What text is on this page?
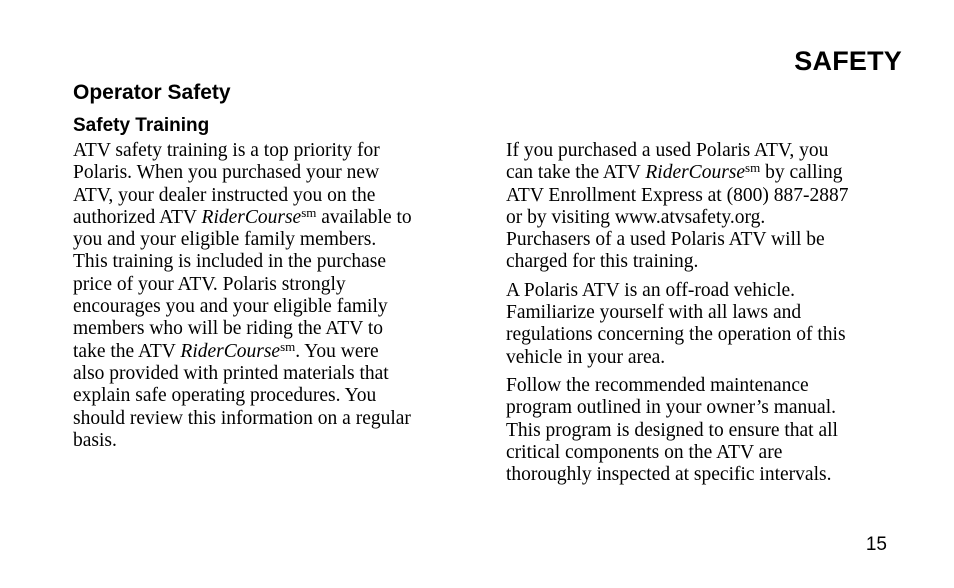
SAFETY
Operator Safety
Safety Training

ATV safety training is a top priority for
Polaris. When you purchased your new
ATV, your dealer instructed you on the
authorized ATV RiderCourse$^{sm}$ available to
you and your eligible family members.
This training is included in the purchase
price of your ATV. Polaris strongly
encourages you and your eligible family
members who will be riding the ATV to
take the ATV RiderCourse$^{sm}$. You were
also provided with printed materials that
explain safe operating procedures. You
should review this information on a regular
basis.

If you purchased a used Polaris ATV, you
can take the ATV RiderCourse$^{sm}$ by calling
ATV Enrollment Express at (800) 887-2887
or by visiting www.atvsafety.org.
Purchasers of a used Polaris ATV will be
charged for this training.

A Polaris ATV is an off-road vehicle.
Familiarize yourself with all laws and
regulations concerning the operation of this
vehicle in your area.

Follow the recommended maintenance
program outlined in your owner’s manual.
This program is designed to ensure that all
critical components on the ATV are
thoroughly inspected at specific intervals.

15
